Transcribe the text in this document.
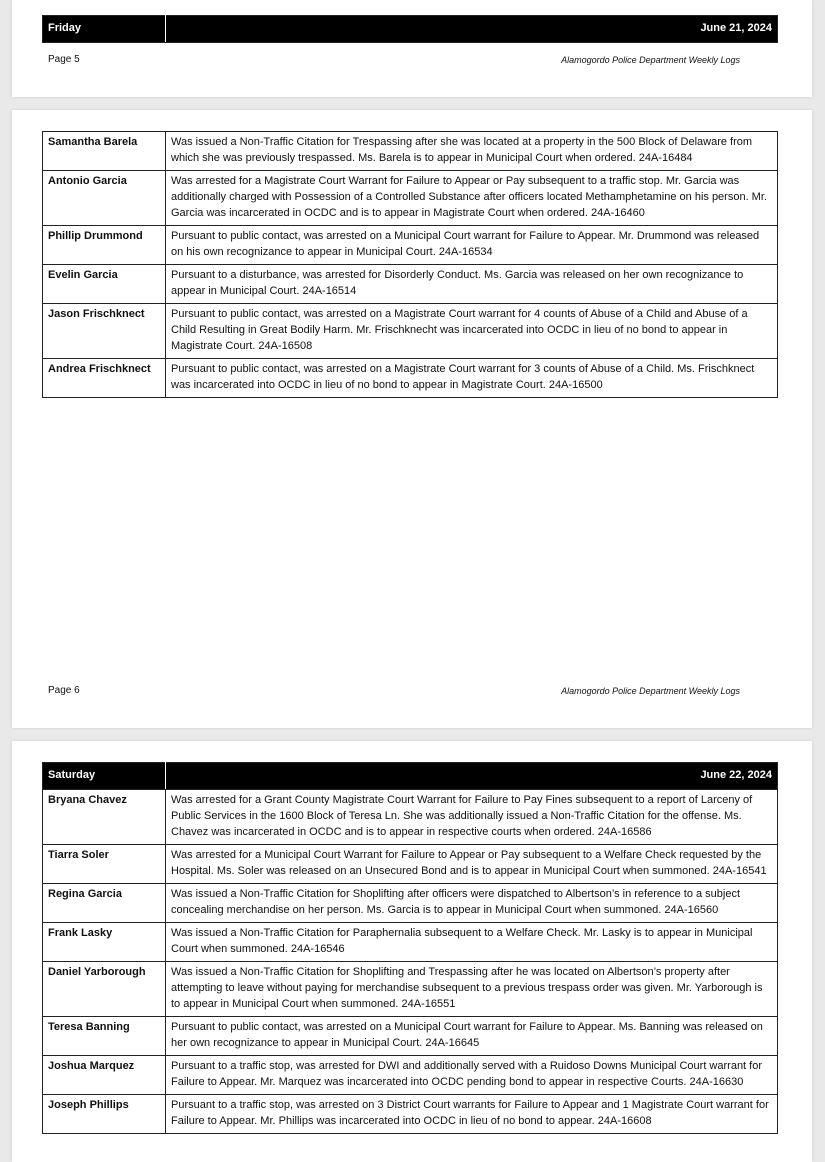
Friday	June 21, 2024
Page 5	Alamogordo Police Department Weekly Logs
Samantha Barela	Was issued a Non-Traffic Citation for Trespassing after she was located at a property in the 500 Block of Delaware from which she was previously trespassed. Ms. Barela is to appear in Municipal Court when ordered. 24A-16484
Antonio Garcia	Was arrested for a Magistrate Court Warrant for Failure to Appear or Pay subsequent to a traffic stop. Mr. Garcia was additionally charged with Possession of a Controlled Substance after officers located Methamphetamine on his person. Mr. Garcia was incarcerated in OCDC and is to appear in Magistrate Court when ordered. 24A-16460
Phillip Drummond	Pursuant to public contact, was arrested on a Municipal Court warrant for Failure to Appear. Mr. Drummond was released on his own recognizance to appear in Municipal Court. 24A-16534
Evelin Garcia	Pursuant to a disturbance, was arrested for Disorderly Conduct. Ms. Garcia was released on her own recognizance to appear in Municipal Court. 24A-16514
Jason Frischknect	Pursuant to public contact, was arrested on a Magistrate Court warrant for 4 counts of Abuse of a Child and Abuse of a Child Resulting in Great Bodily Harm. Mr. Frischknecht was incarcerated into OCDC in lieu of no bond to appear in Magistrate Court. 24A-16508
Andrea Frischknect	Pursuant to public contact, was arrested on a Magistrate Court warrant for 3 counts of Abuse of a Child. Ms. Frischknect was incarcerated into OCDC in lieu of no bond to appear in Magistrate Court. 24A-16500
Page 6	Alamogordo Police Department Weekly Logs
Saturday	June 22, 2024
Bryana Chavez	Was arrested for a Grant County Magistrate Court Warrant for Failure to Pay Fines subsequent to a report of Larceny of Public Services in the 1600 Block of Teresa Ln. She was additionally issued a Non-Traffic Citation for the offense. Ms. Chavez was incarcerated in OCDC and is to appear in respective courts when ordered. 24A-16586
Tiarra Soler	Was arrested for a Municipal Court Warrant for Failure to Appear or Pay subsequent to a Welfare Check requested by the Hospital. Ms. Soler was released on an Unsecured Bond and is to appear in Municipal Court when summoned. 24A-16541
Regina Garcia	Was issued a Non-Traffic Citation for Shoplifting after officers were dispatched to Albertson’s in reference to a subject concealing merchandise on her person. Ms. Garcia is to appear in Municipal Court when summoned. 24A-16560
Frank Lasky	Was issued a Non-Traffic Citation for Paraphernalia subsequent to a Welfare Check. Mr. Lasky is to appear in Municipal Court when summoned. 24A-16546
Daniel Yarborough	Was issued a Non-Traffic Citation for Shoplifting and Trespassing after he was located on Albertson’s property after attempting to leave without paying for merchandise subsequent to a previous trespass order was given. Mr. Yarborough is to appear in Municipal Court when summoned. 24A-16551
Teresa Banning	Pursuant to public contact, was arrested on a Municipal Court warrant for Failure to Appear. Ms. Banning was released on her own recognizance to appear in Municipal Court. 24A-16645
Joshua Marquez	Pursuant to a traffic stop, was arrested for DWI and additionally served with a Ruidoso Downs Municipal Court warrant for Failure to Appear. Mr. Marquez was incarcerated into OCDC pending bond to appear in respective Courts. 24A-16630
Joseph Phillips	Pursuant to a traffic stop, was arrested on 3 District Court warrants for Failure to Appear and 1 Magistrate Court warrant for Failure to Appear. Mr. Phillips was incarcerated into OCDC in lieu of no bond to appear. 24A-16608
